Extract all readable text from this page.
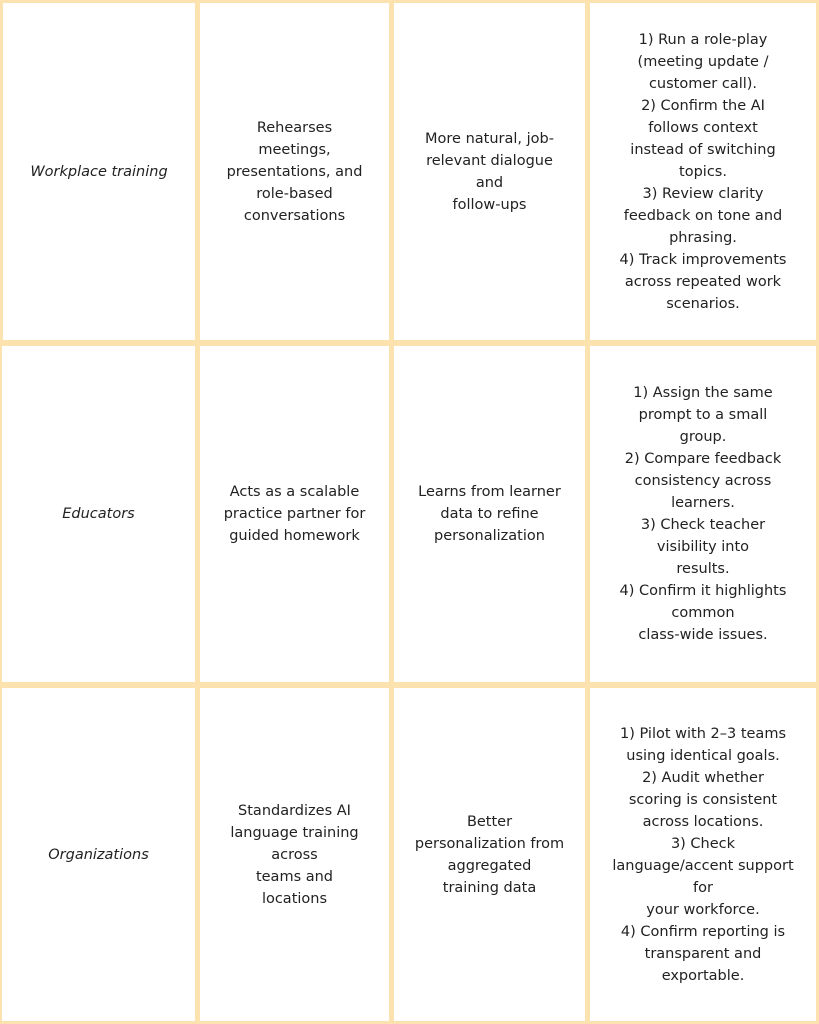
Workplace training
Rehearses
meetings,
presentations, and
role-based
conversations
More natural, job-
relevant dialogue
and
follow-ups
1) Run a role-play
(meeting update /
customer call).
2) Confirm the AI
follows context
instead of switching
topics.
3) Review clarity
feedback on tone and
phrasing.
4) Track improvements
across repeated work
scenarios.
Educators
Acts as a scalable
practice partner for
guided homework
Learns from learner
data to refine
personalization
1) Assign the same
prompt to a small
group.
2) Compare feedback
consistency across
learners.
3) Check teacher
visibility into
results.
4) Confirm it highlights
common
class-wide issues.
Organizations
Standardizes AI
language training
across
teams and
locations
Better
personalization from
aggregated
training data
1) Pilot with 2–3 teams
using identical goals.
2) Audit whether
scoring is consistent
across locations.
3) Check
language/accent support
for
your workforce.
4) Confirm reporting is
transparent and
exportable.
